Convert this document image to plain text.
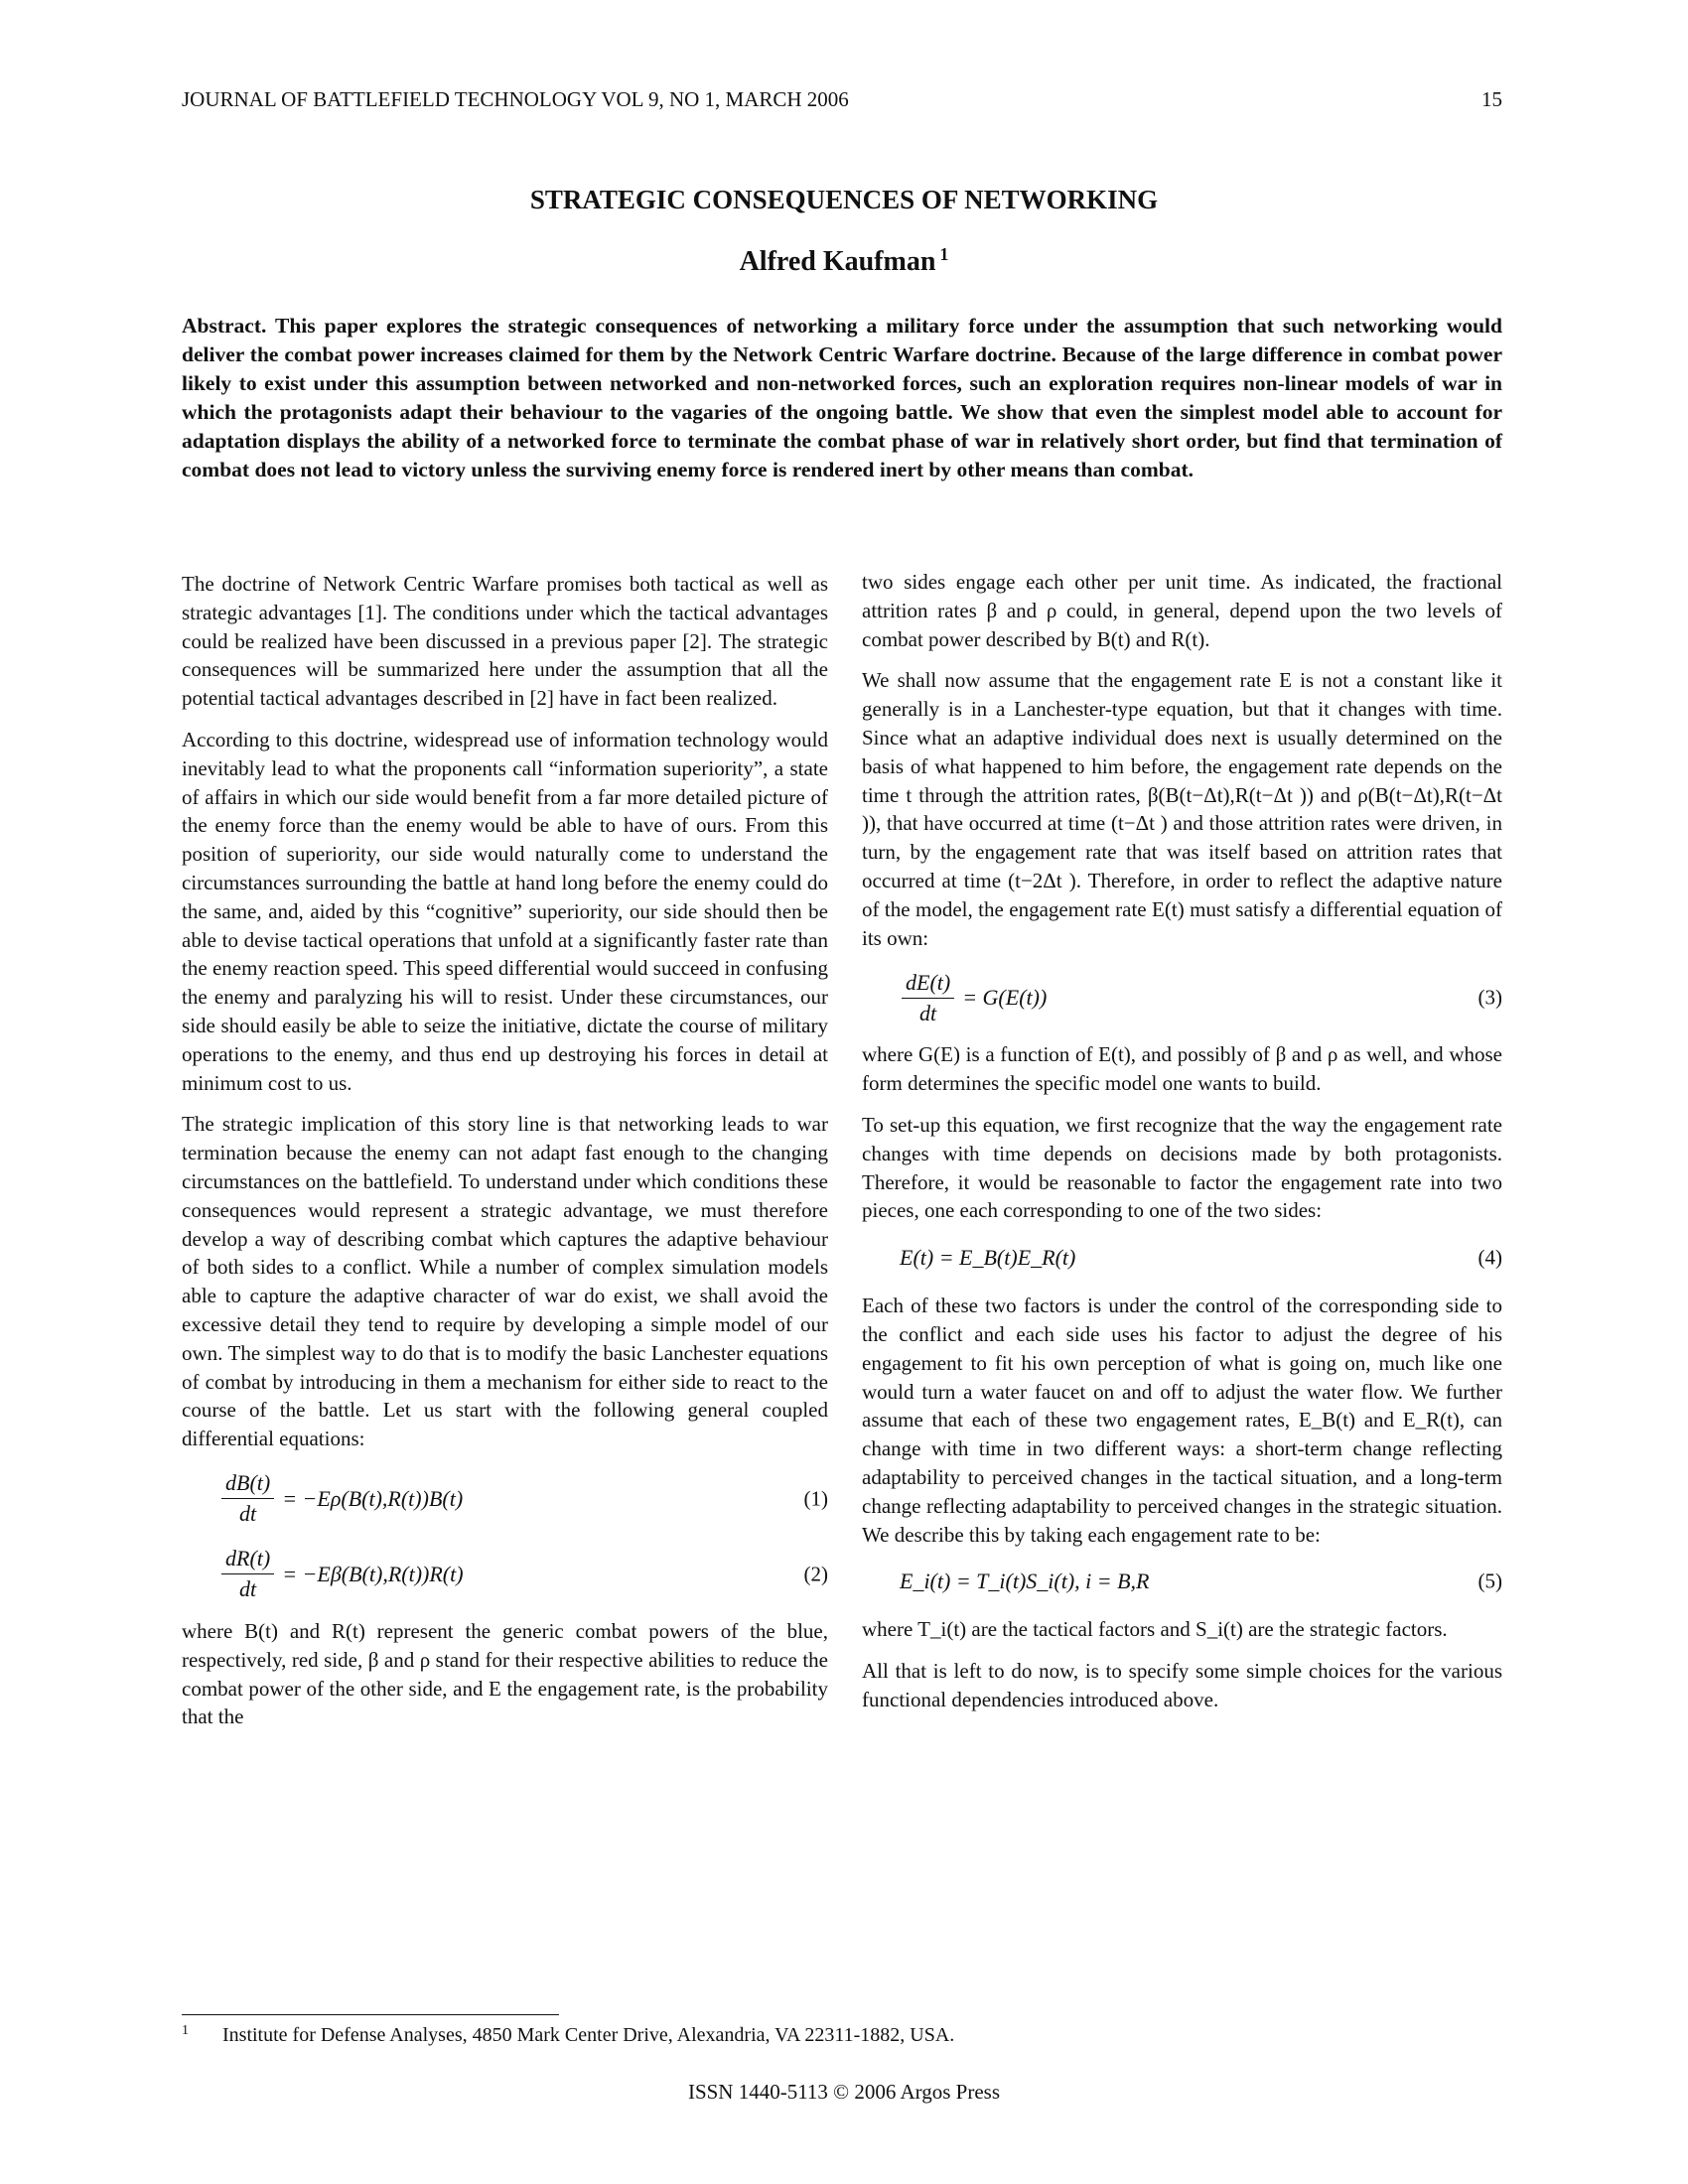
JOURNAL OF BATTLEFIELD TECHNOLOGY VOL 9, NO 1, MARCH 2006	15
STRATEGIC CONSEQUENCES OF NETWORKING
Alfred Kaufman $^1$

Abstract. This paper explores the strategic consequences of networking a military force under the assumption that such networking would deliver the combat power increases claimed for them by the Network Centric Warfare doctrine. Because of the large difference in combat power likely to exist under this assumption between networked and non-networked forces, such an exploration requires non-linear models of war in which the protagonists adapt their behaviour to the vagaries of the ongoing battle. We show that even the simplest model able to account for adaptation displays the ability of a networked force to terminate the combat phase of war in relatively short order, but find that termination of combat does not lead to victory unless the surviving enemy force is rendered inert by other means than combat.

The doctrine of Network Centric Warfare promises both tactical as well as strategic advantages [1]. The conditions under which the tactical advantages could be realized have been discussed in a previous paper [2]. The strategic consequences will be summarized here under the assumption that all the potential tactical advantages described in [2] have in fact been realized.

According to this doctrine, widespread use of information technology would inevitably lead to what the proponents call “information superiority”, a state of affairs in which our side would benefit from a far more detailed picture of the enemy force than the enemy would be able to have of ours. From this position of superiority, our side would naturally come to understand the circumstances surrounding the battle at hand long before the enemy could do the same, and, aided by this “cognitive” superiority, our side should then be able to devise tactical operations that unfold at a significantly faster rate than the enemy reaction speed. This speed differential would succeed in confusing the enemy and paralyzing his will to resist. Under these circumstances, our side should easily be able to seize the initiative, dictate the course of military operations to the enemy, and thus end up destroying his forces in detail at minimum cost to us.

The strategic implication of this story line is that networking leads to war termination because the enemy can not adapt fast enough to the changing circumstances on the battlefield. To understand under which conditions these consequences would represent a strategic advantage, we must therefore develop a way of describing combat which captures the adaptive behaviour of both sides to a conflict. While a number of complex simulation models able to capture the adaptive character of war do exist, we shall avoid the excessive detail they tend to require by developing a simple model of our own. The simplest way to do that is to modify the basic Lanchester equations of combat by introducing in them a mechanism for either side to react to the course of the battle. Let us start with the following general coupled differential equations:

$\frac{dB(t)}{dt} = -E\rho(B(t),R(t))B(t)$	(1)
$\frac{dR(t)}{dt} = -E\beta(B(t),R(t))R(t)$	(2)

where B(t) and R(t) represent the generic combat powers of the blue, respectively, red side, β and ρ stand for their respective abilities to reduce the combat power of the other side, and E the engagement rate, is the probability that the

two sides engage each other per unit time. As indicated, the fractional attrition rates β and ρ could, in general, depend upon the two levels of combat power described by B(t) and R(t).

We shall now assume that the engagement rate E is not a constant like it generally is in a Lanchester-type equation, but that it changes with time. Since what an adaptive individual does next is usually determined on the basis of what happened to him before, the engagement rate depends on the time t through the attrition rates, β(B(t−Δt),R(t−Δt )) and ρ(B(t−Δt),R(t−Δt )), that have occurred at time (t−Δt ) and those attrition rates were driven, in turn, by the engagement rate that was itself based on attrition rates that occurred at time (t−2Δt ). Therefore, in order to reflect the adaptive nature of the model, the engagement rate E(t) must satisfy a differential equation of its own:

$\frac{dE(t)}{dt} = G(E(t))$	(3)

where G(E) is a function of E(t), and possibly of β and ρ as well, and whose form determines the specific model one wants to build.

To set-up this equation, we first recognize that the way the engagement rate changes with time depends on decisions made by both protagonists. Therefore, it would be reasonable to factor the engagement rate into two pieces, one each corresponding to one of the two sides:

E(t) = E_B(t)E_R(t)	(4)

Each of these two factors is under the control of the corresponding side to the conflict and each side uses his factor to adjust the degree of his engagement to fit his own perception of what is going on, much like one would turn a water faucet on and off to adjust the water flow. We further assume that each of these two engagement rates, E_B(t) and E_R(t), can change with time in two different ways: a short-term change reflecting adaptability to perceived changes in the tactical situation, and a long-term change reflecting adaptability to perceived changes in the strategic situation. We describe this by taking each engagement rate to be:

E_i(t) = T_i(t)S_i(t), i = B,R	(5)

where T_i(t) are the tactical factors and S_i(t) are the strategic factors.

All that is left to do now, is to specify some simple choices for the various functional dependencies introduced above.

$^1$ Institute for Defense Analyses, 4850 Mark Center Drive, Alexandria, VA 22311-1882, USA.
ISSN 1440-5113 © 2006 Argos Press
